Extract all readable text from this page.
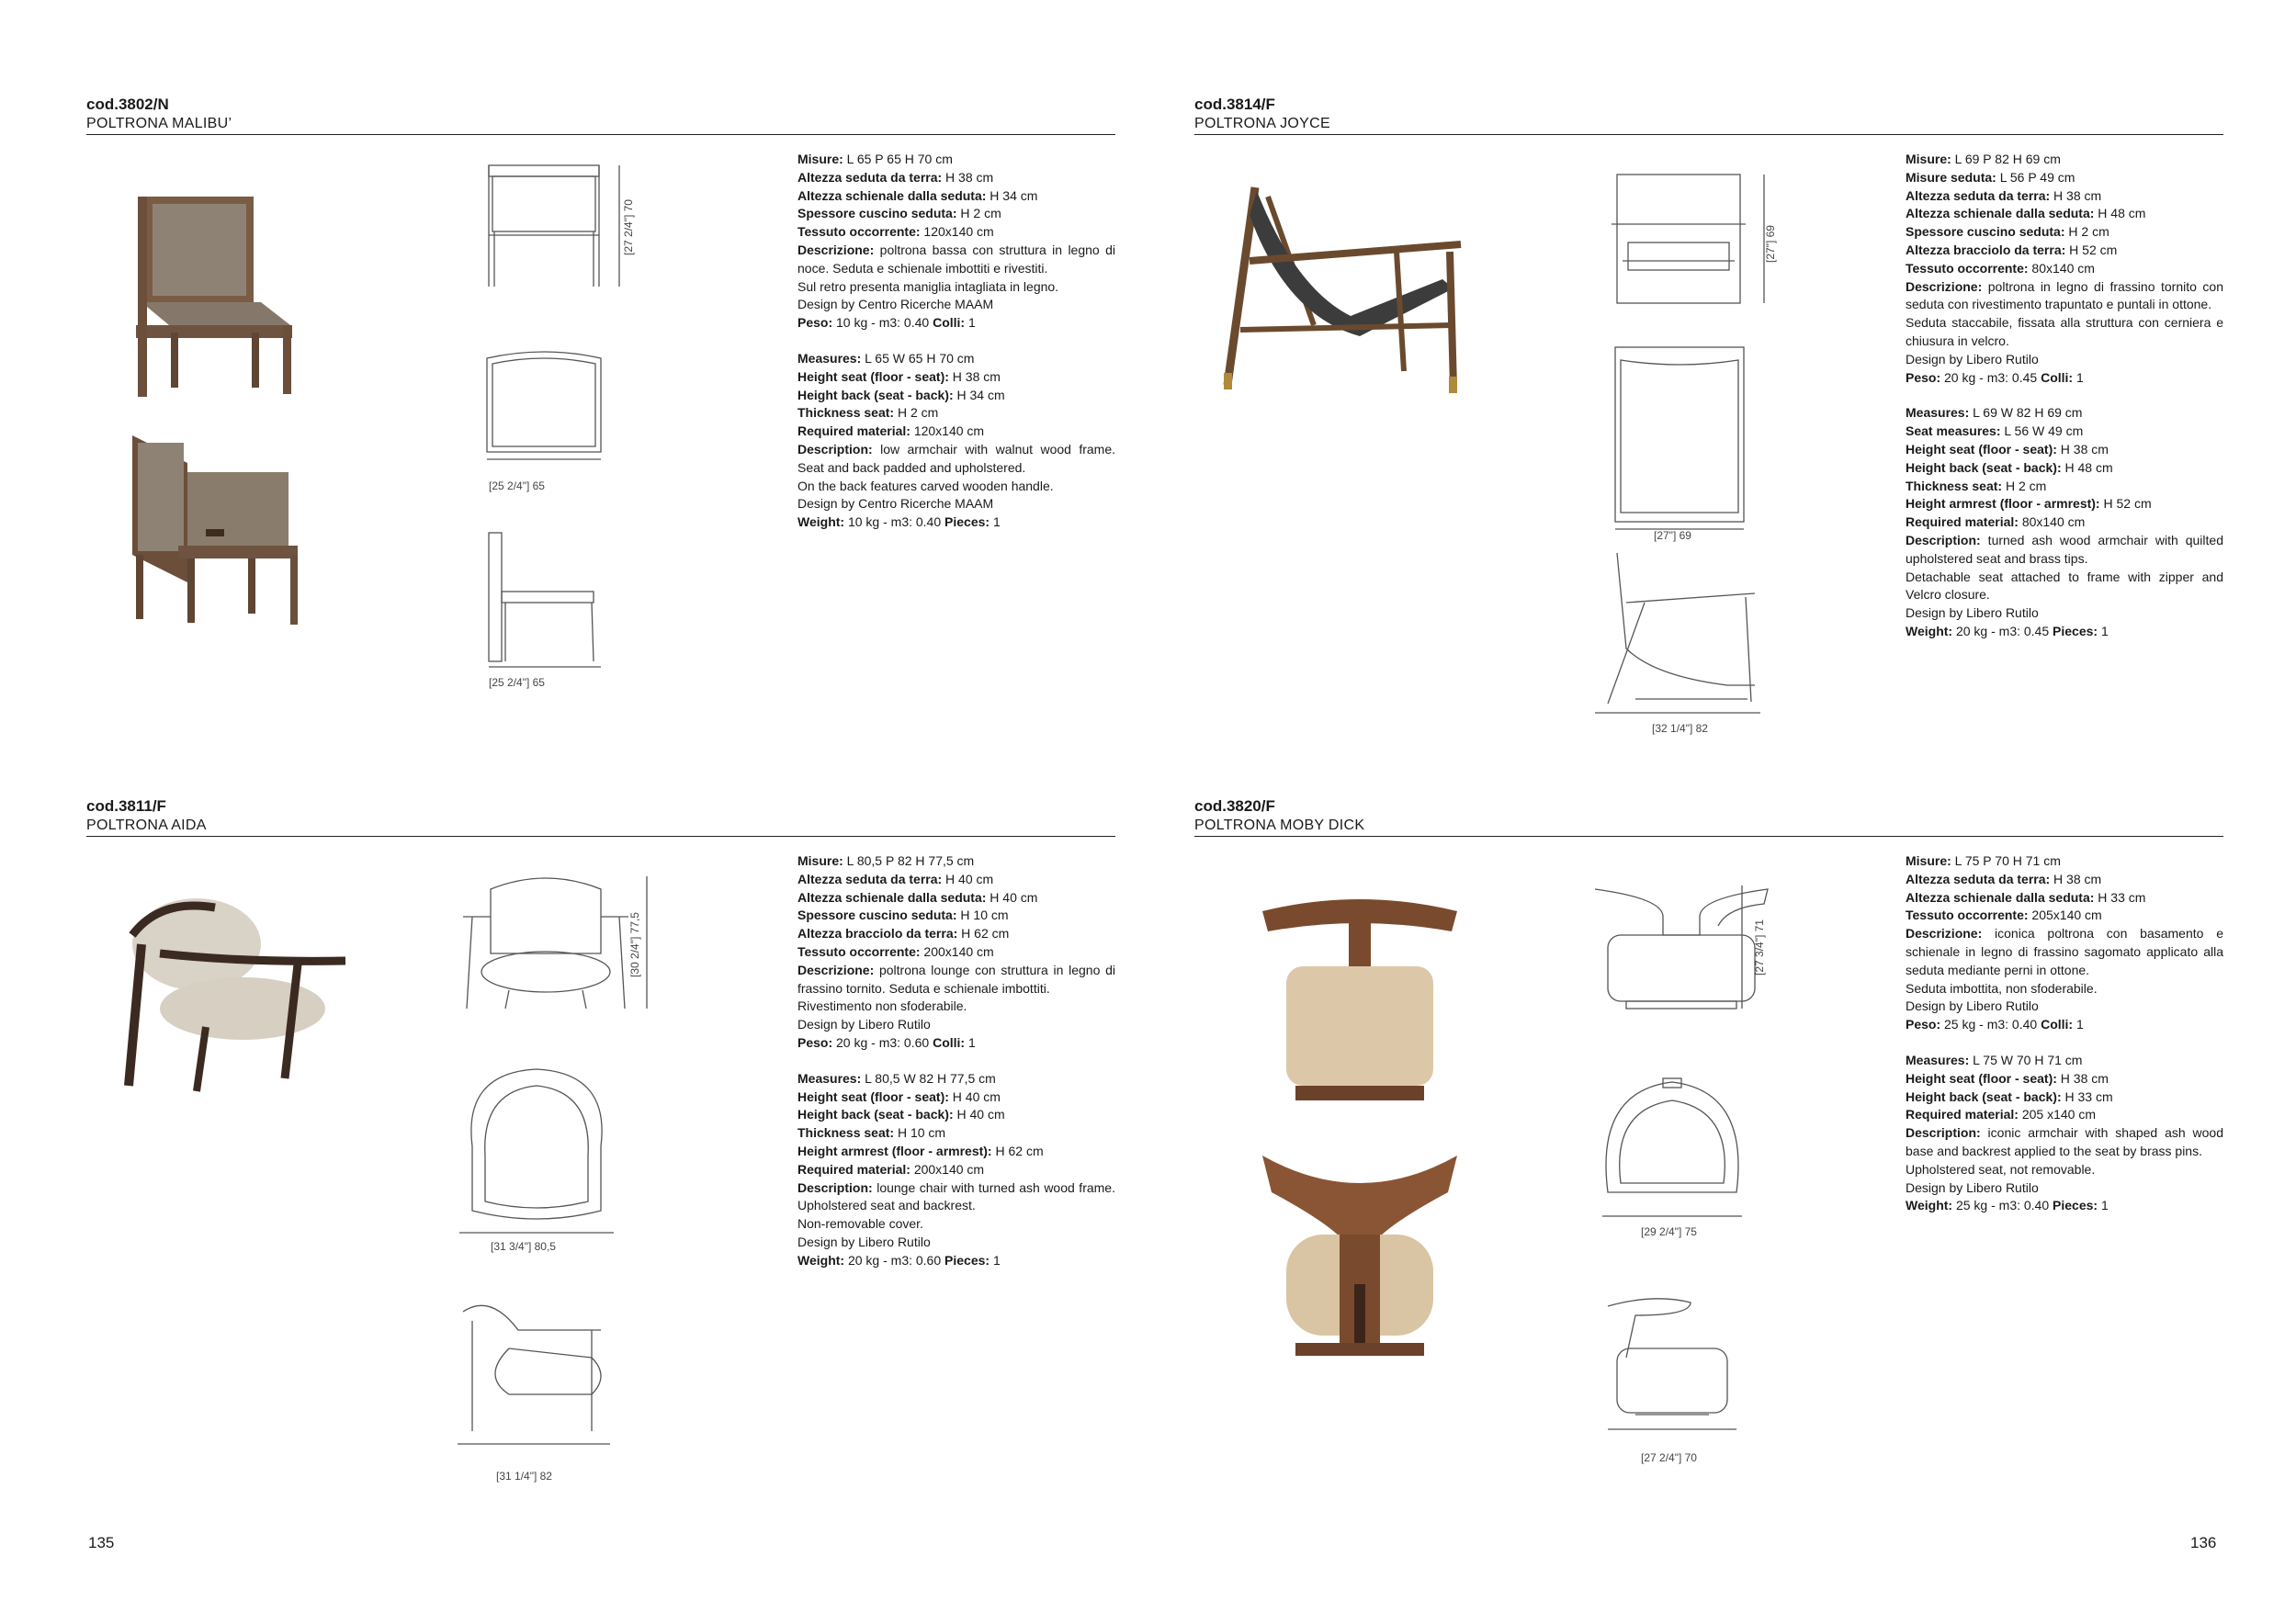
cod.3802/N
POLTRONA MALIBU’
[27 2/4"] 70
[25 2/4"] 65
[25 2/4"] 65
Misure: L 65 P 65 H 70 cm
Altezza seduta da terra: H 38 cm
Altezza schienale dalla seduta: H 34 cm
Spessore cuscino seduta: H 2 cm
Tessuto occorrente: 120x140 cm
Descrizione: poltrona bassa con struttura in legno di noce. Seduta e schienale imbottiti e rivestiti.
Sul retro presenta maniglia intagliata in legno.
Design by Centro Ricerche MAAM
Peso: 10 kg - m3: 0.40 Colli: 1
Measures: L 65 W 65 H 70 cm
Height seat (floor - seat): H 38 cm
Height back (seat - back): H 34 cm
Thickness seat: H 2 cm
Required material: 120x140 cm
Description: low armchair with walnut wood frame. Seat and back padded and upholstered.
On the back features carved wooden handle.
Design by Centro Ricerche MAAM
Weight: 10 kg - m3: 0.40 Pieces: 1
cod.3814/F
POLTRONA JOYCE
[27"] 69
[27"] 69
[32 1/4"] 82
Misure: L 69 P 82 H 69 cm
Misure seduta: L 56 P 49 cm
Altezza seduta da terra: H 38 cm
Altezza schienale dalla seduta: H 48 cm
Spessore cuscino seduta: H 2 cm
Altezza bracciolo da terra: H 52 cm
Tessuto occorrente: 80x140 cm
Descrizione: poltrona in legno di frassino tornito con seduta con rivestimento trapuntato e puntali in ottone.
Seduta staccabile, fissata alla struttura con cerniera e chiusura in velcro.
Design by Libero Rutilo
Peso: 20 kg - m3: 0.45 Colli: 1
Measures: L 69 W 82 H 69 cm
Seat measures: L 56 W 49 cm
Height seat (floor - seat): H 38 cm
Height back (seat - back): H 48 cm
Thickness seat: H 2 cm
Height armrest (floor - armrest): H 52 cm
Required material: 80x140 cm
Description: turned ash wood armchair with quilted upholstered seat and brass tips.
Detachable seat attached to frame with zipper and Velcro closure.
Design by Libero Rutilo
Weight: 20 kg - m3: 0.45 Pieces: 1
cod.3811/F
POLTRONA AIDA
[30 2/4"] 77,5
[31 3/4"] 80,5
[31 1/4"] 82
Misure: L 80,5 P 82 H 77,5 cm
Altezza seduta da terra: H 40 cm
Altezza schienale dalla seduta: H 40 cm
Spessore cuscino seduta: H 10 cm
Altezza bracciolo da terra: H 62 cm
Tessuto occorrente: 200x140 cm
Descrizione: poltrona lounge con struttura in legno di frassino tornito. Seduta e schienale imbottiti.
Rivestimento non sfoderabile.
Design by Libero Rutilo
Peso: 20 kg - m3: 0.60 Colli: 1
Measures: L 80,5 W 82 H 77,5 cm
Height seat (floor - seat): H 40 cm
Height back (seat - back): H 40 cm
Thickness seat: H 10 cm
Height armrest (floor - armrest): H 62 cm
Required material: 200x140 cm
Description: lounge chair with turned ash wood frame. Upholstered seat and backrest.
Non-removable cover.
Design by Libero Rutilo
Weight: 20 kg - m3: 0.60 Pieces: 1
cod.3820/F
POLTRONA MOBY DICK
[27 3/4"] 71
[29 2/4"] 75
[27 2/4"] 70
Misure: L 75 P 70 H 71 cm
Altezza seduta da terra: H 38 cm
Altezza schienale dalla seduta: H 33 cm
Tessuto occorrente: 205x140 cm
Descrizione: iconica poltrona con basamento e schienale in legno di frassino sagomato applicato alla seduta mediante perni in ottone.
Seduta imbottita, non sfoderabile.
Design by Libero Rutilo
Peso: 25 kg - m3: 0.40 Colli: 1
Measures: L 75 W 70 H 71 cm
Height seat (floor - seat): H 38 cm
Height back (seat - back): H 33 cm
Required material: 205 x140 cm
Description: iconic armchair with shaped ash wood base and backrest applied to the seat by brass pins.
Upholstered seat, not removable.
Design by Libero Rutilo
Weight: 25 kg - m3: 0.40 Pieces: 1
135	136
